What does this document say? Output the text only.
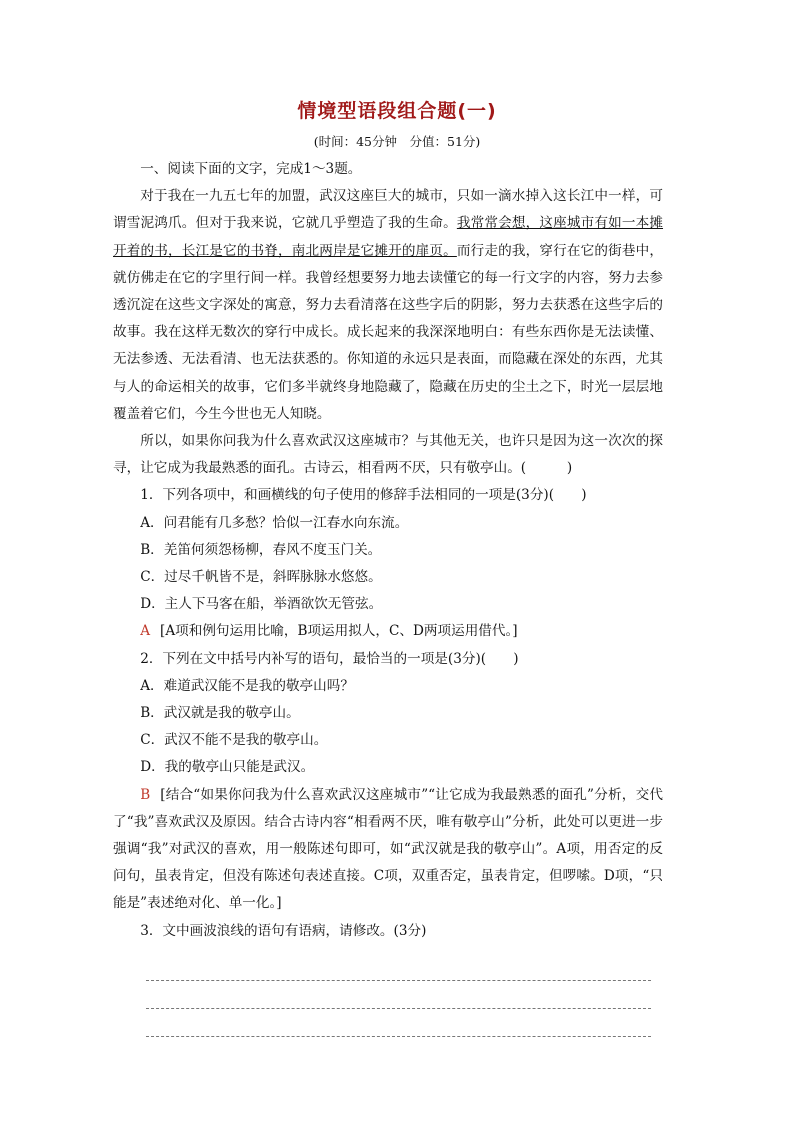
情境型语段组合题(一)
(时间：45分钟　分值：51分)

一、阅读下面的文字，完成1～3题。

对于我在一九五七年的加盟，武汉这座巨大的城市，只如一滴水掉入这长江中一样，可谓雪泥鸿爪。但对于我来说，它就几乎塑造了我的生命。我常常会想，这座城市有如一本摊开着的书，长江是它的书脊，南北两岸是它摊开的扉页。而行走的我，穿行在它的街巷中，就仿佛走在它的字里行间一样。我曾经想要努力地去读懂它的每一行文字的内容，努力去参透沉淀在这些文字深处的寓意，努力去看清落在这些字后的阴影，努力去获悉在这些字后的故事。我在这样无数次的穿行中成长。成长起来的我深深地明白：有些东西你是无法读懂、无法参透、无法看清、也无法获悉的。你知道的永远只是表面，而隐藏在深处的东西，尤其与人的命运相关的故事，它们多半就终身地隐藏了，隐藏在历史的尘土之下，时光一层层地覆盖着它们，今生今世也无人知晓。

所以，如果你问我为什么喜欢武汉这座城市？与其他无关，也许只是因为这一次次的探寻，让它成为我最熟悉的面孔。古诗云，相看两不厌，只有敬亭山。(　　　)

1．下列各项中，和画横线的句子使用的修辞手法相同的一项是(3分)(　　)

A．问君能有几多愁？恰似一江春水向东流。

B．羌笛何须怨杨柳，春风不度玉门关。

C．过尽千帆皆不是，斜晖脉脉水悠悠。

D．主人下马客在船，举酒欲饮无管弦。

A [A项和例句运用比喻，B项运用拟人，C、D两项运用借代。]

2．下列在文中括号内补写的语句，最恰当的一项是(3分)(　　)

A．难道武汉能不是我的敬亭山吗？

B．武汉就是我的敬亭山。

C．武汉不能不是我的敬亭山。

D．我的敬亭山只能是武汉。

B [结合“如果你问我为什么喜欢武汉这座城市”“让它成为我最熟悉的面孔”分析，交代了“我”喜欢武汉及原因。结合古诗内容“相看两不厌，唯有敬亭山”分析，此处可以更进一步强调“我”对武汉的喜欢，用一般陈述句即可，如“武汉就是我的敬亭山”。A项，用否定的反问句，虽表肯定，但没有陈述句表述直接。C项，双重否定，虽表肯定，但啰嗦。D项，“只能是”表述绝对化、单一化。]

3．文中画波浪线的语句有语病，请修改。(3分)
